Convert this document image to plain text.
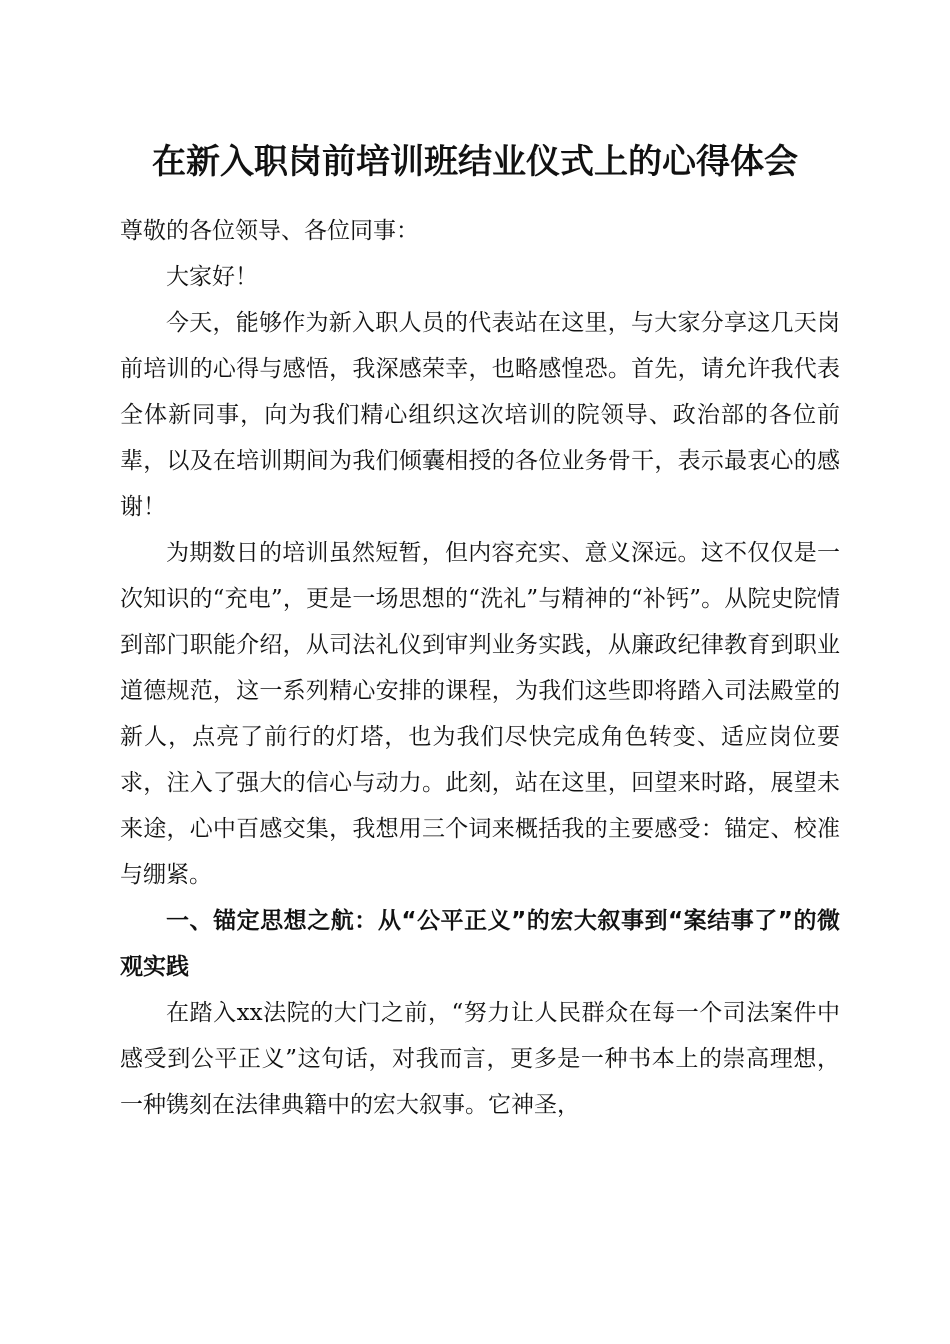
在新入职岗前培训班结业仪式上的心得体会

尊敬的各位领导、各位同事：

大家好！

今天，能够作为新入职人员的代表站在这里，与大家分享这几天岗前培训的心得与感悟，我深感荣幸，也略感惶恐。首先，请允许我代表全体新同事，向为我们精心组织这次培训的院领导、政治部的各位前辈，以及在培训期间为我们倾囊相授的各位业务骨干，表示最衷心的感谢！

为期数日的培训虽然短暂，但内容充实、意义深远。这不仅仅是一次知识的“充电”，更是一场思想的“洗礼”与精神的“补钙”。从院史院情到部门职能介绍，从司法礼仪到审判业务实践，从廉政纪律教育到职业道德规范，这一系列精心安排的课程，为我们这些即将踏入司法殿堂的新人，点亮了前行的灯塔，也为我们尽快完成角色转变、适应岗位要求，注入了强大的信心与动力。此刻，站在这里，回望来时路，展望未来途，心中百感交集，我想用三个词来概括我的主要感受：锚定、校准与绷紧。

一、锚定思想之航：从“公平正义”的宏大叙事到“案结事了”的微观实践

在踏入xx法院的大门之前，“努力让人民群众在每一个司法案件中感受到公平正义”这句话，对我而言，更多是一种书本上的崇高理想，一种镌刻在法律典籍中的宏大叙事。它神圣，
